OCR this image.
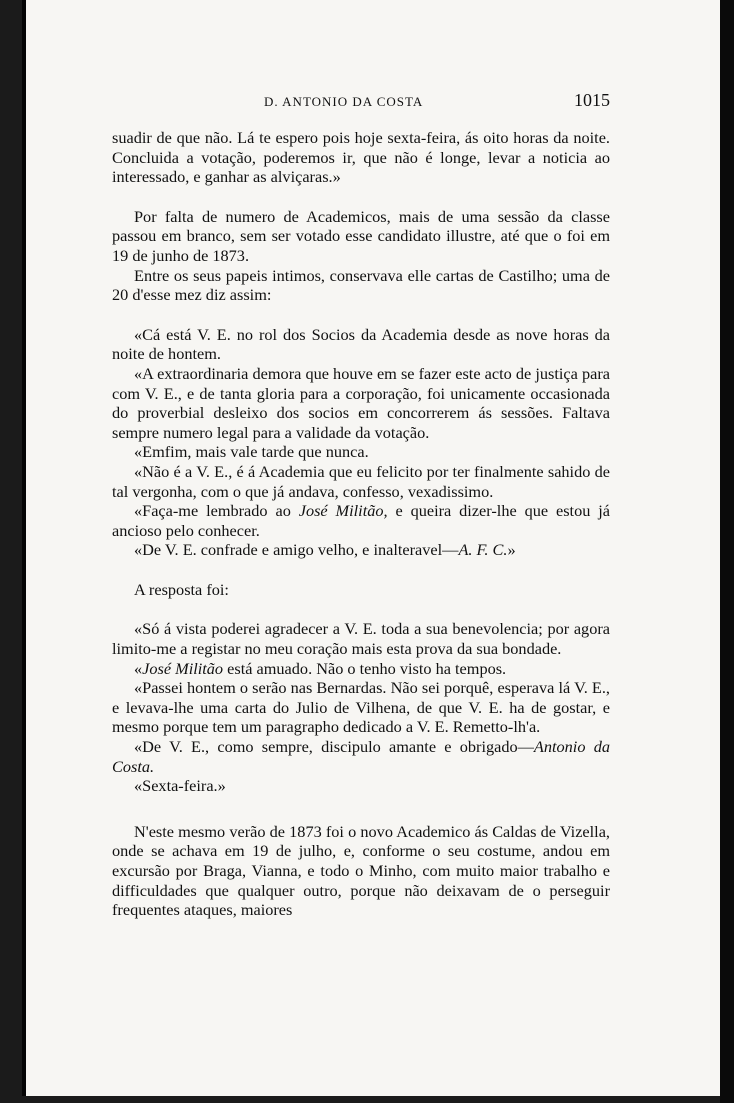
D. ANTONIO DA COSTA	1015

suadir de que não. Lá te espero pois hoje sexta-feira, ás oito horas da noite. Concluida a votação, poderemos ir, que não é longe, levar a noticia ao interessado, e ganhar as alviçaras.»

Por falta de numero de Academicos, mais de uma sessão da classe passou em branco, sem ser votado esse candidato illustre, até que o foi em 19 de junho de 1873.

Entre os seus papeis intimos, conservava elle cartas de Castilho; uma de 20 d'esse mez diz assim:

«Cá está V. E. no rol dos Socios da Academia desde as nove horas da noite de hontem.

«A extraordinaria demora que houve em se fazer este acto de justiça para com V. E., e de tanta gloria para a corporação, foi unicamente occasionada do proverbial desleixo dos socios em concorrerem ás sessões. Faltava sempre numero legal para a validade da votação.

«Emfim, mais vale tarde que nunca.

«Não é a V. E., é á Academia que eu felicito por ter finalmente sahido de tal vergonha, com o que já andava, confesso, vexadissimo.

«Faça-me lembrado ao José Militão, e queira dizer-lhe que estou já ancioso pelo conhecer.

«De V. E. confrade e amigo velho, e inalteravel—A. F. C.»

A resposta foi:

«Só á vista poderei agradecer a V. E. toda a sua benevolencia; por agora limito-me a registar no meu coração mais esta prova da sua bondade.

«José Militão está amuado. Não o tenho visto ha tempos.

«Passei hontem o serão nas Bernardas. Não sei porquê, esperava lá V. E., e levava-lhe uma carta do Julio de Vilhena, de que V. E. ha de gostar, e mesmo porque tem um paragrapho dedicado a V. E. Remetto-lh'a.

«De V. E., como sempre, discipulo amante e obrigado—Antonio da Costa.

«Sexta-feira.»

N'este mesmo verão de 1873 foi o novo Academico ás Caldas de Vizella, onde se achava em 19 de julho, e, conforme o seu costume, andou em excursão por Braga, Vianna, e todo o Minho, com muito maior trabalho e difficuldades que qualquer outro, porque não deixavam de o perseguir frequentes ataques, maiores
